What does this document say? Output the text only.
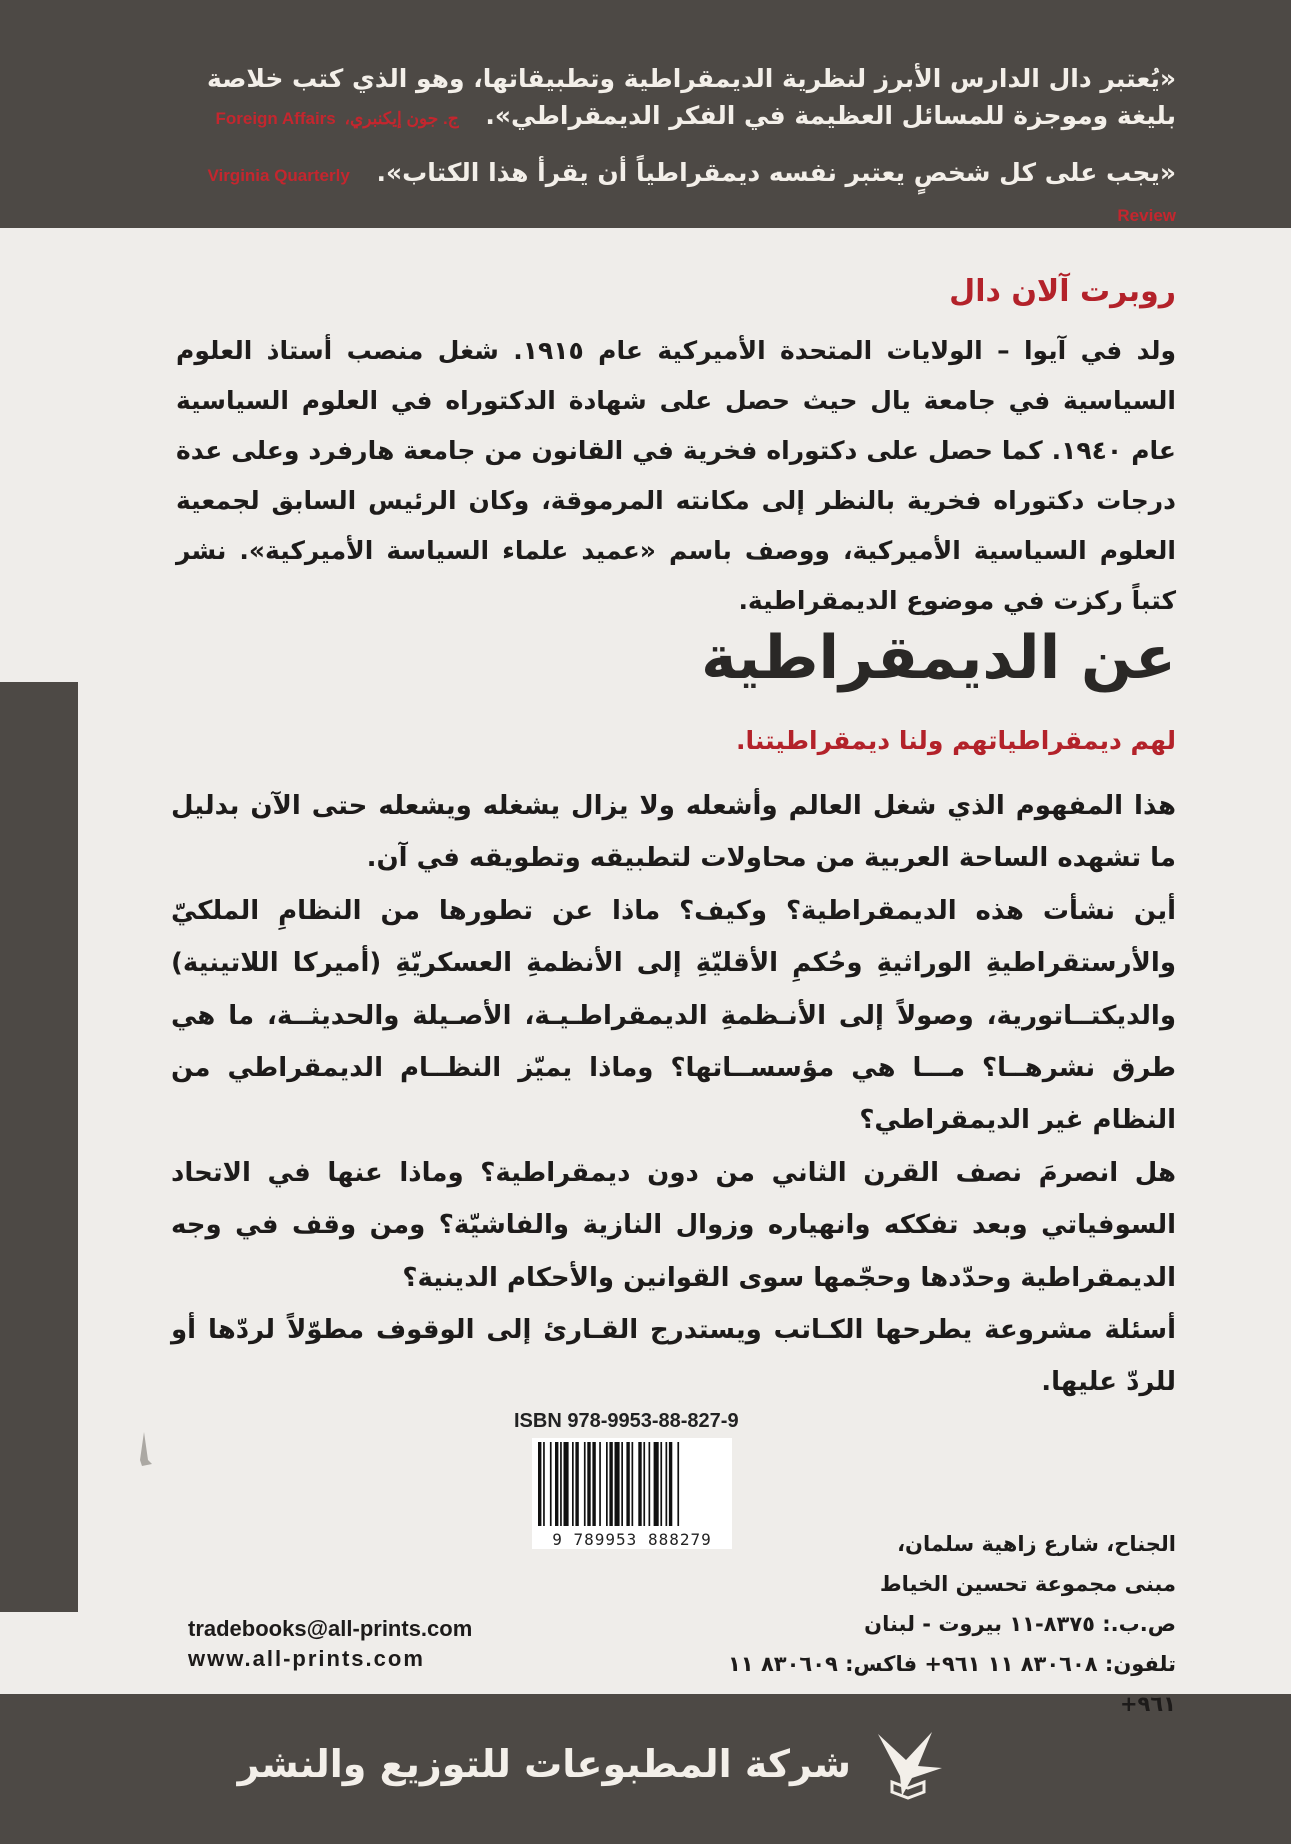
«يُعتبر دال الدارس الأبرز لنظرية الديمقراطية وتطبيقاتها، وهو الذي كتب خلاصة بليغة وموجزة للمسائل العظيمة في الفكر الديمقراطي». ج. جون إيكنبري، Foreign Affairs
«يجب على كل شخصٍ يعتبر نفسه ديمقراطياً أن يقرأ هذا الكتاب». Virginia Quarterly Review
روبرت آلان دال
ولد في آيوا – الولايات المتحدة الأميركية عام ١٩١٥. شغل منصب أستاذ العلوم السياسية في جامعة يال حيث حصل على شهادة الدكتوراه في العلوم السياسية عام ١٩٤٠. كما حصل على دكتوراه فخرية في القانون من جامعة هارفرد وعلى عدة درجات دكتوراه فخرية بالنظر إلى مكانته المرموقة، وكان الرئيس السابق لجمعية العلوم السياسية الأميركية، ووصف باسم «عميد علماء السياسة الأميركية». نشر كتباً ركزت في موضوع الديمقراطية.
عن الديمقراطية
لهم ديمقراطياتهم ولنا ديمقراطيتنا.

هذا المفهوم الذي شغل العالم وأشعله ولا يزال يشغله ويشعله حتى الآن بدليل ما تشهده الساحة العربية من محاولات لتطبيقه وتطويقه في آن.

أين نشأت هذه الديمقراطية؟ وكيف؟ ماذا عن تطورها من النظامِ الملكيّ والأرستقراطيةِ الوراثيةِ وحُكمِ الأقليّةِ إلى الأنظمةِ العسكريّةِ (أميركا اللاتينية) والديكتــاتورية، وصولاً إلى الأنـظمةِ الديمقراطـيـة، الأصـيلة والحديثــة، ما هي طرق نشرهــا؟ مـــا هي مؤسســاتها؟ وماذا يميّز النظــام الديمقراطي من النظام غير الديمقراطي؟

هل انصرمَ نصف القرن الثاني من دون ديمقراطية؟ وماذا عنها في الاتحاد السوفياتي وبعد تفككه وانهياره وزوال النازية والفاشيّة؟ ومن وقف في وجه الديمقراطية وحدّدها وحجّمها سوى القوانين والأحكام الدينية؟

أسئلة مشروعة يطرحها الكـاتب ويستدرج القـارئ إلى الوقوف مطوّلاً لردّها أو للردّ عليها.

ISBN 978-9953-88-827-9
9 789953 888279	الجناح، شارع زاهية سلمان،
مبنى مجموعة تحسين الخياط
ص.ب.: ٨٣٧٥-١١ بيروت - لبنان
تلفون: ٨٣٠٦٠٨ ١١ ٩٦١+ فاكس: ٨٣٠٦٠٩ ١١ ٩٦١+
tradebooks@all-prints.com
www.all-prints.com
شركة المطبوعات للتوزيع والنشر
